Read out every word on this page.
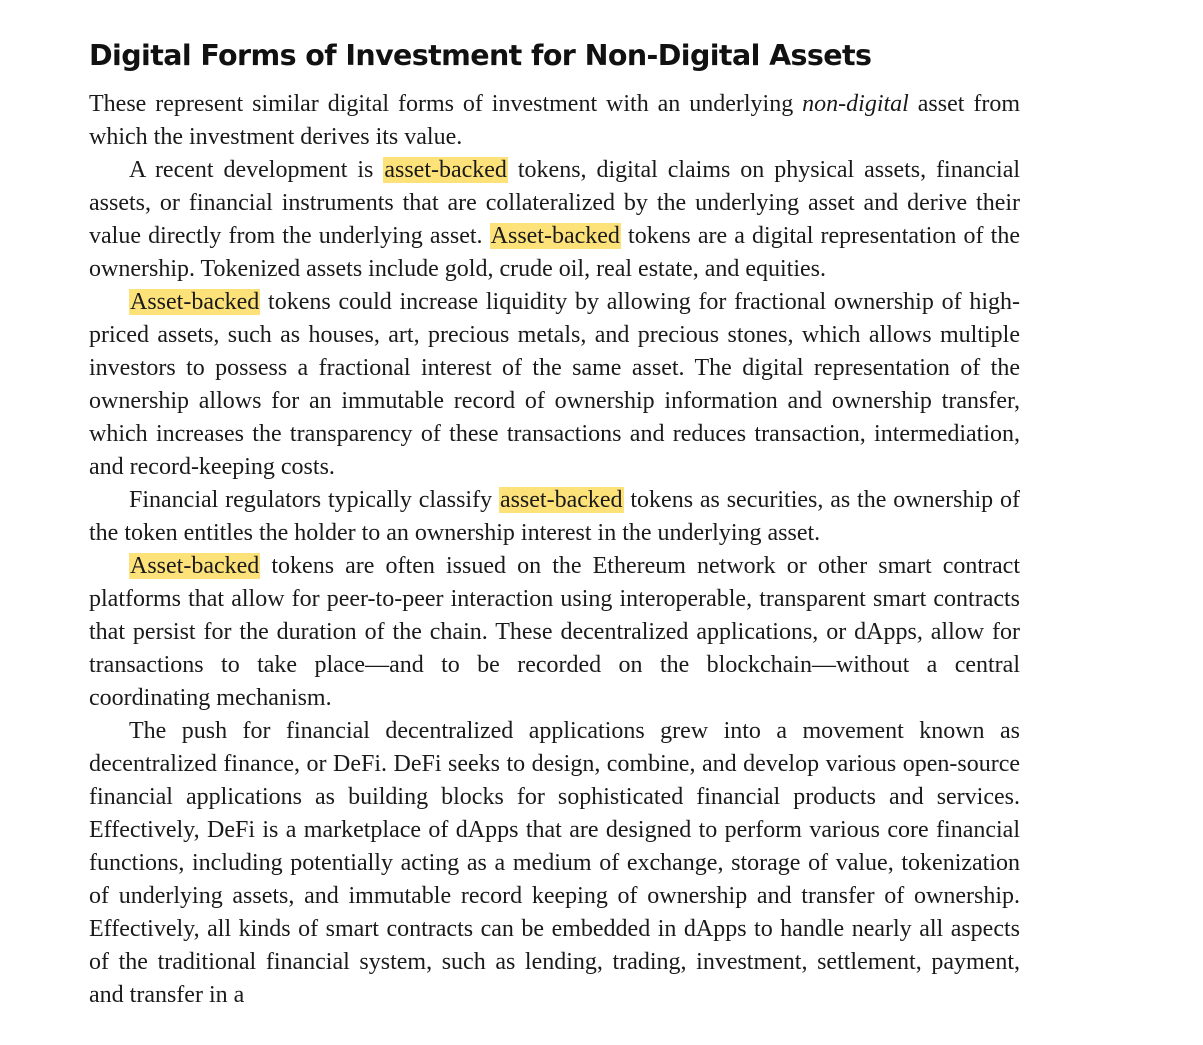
Digital Forms of Investment for Non-Digital Assets

These represent similar digital forms of investment with an underlying non-digital asset from which the investment derives its value.

A recent development is asset-backed tokens, digital claims on physical assets, financial assets, or financial instruments that are collateralized by the underlying asset and derive their value directly from the underlying asset. Asset-backed tokens are a digital representation of the ownership. Tokenized assets include gold, crude oil, real estate, and equities.

Asset-backed tokens could increase liquidity by allowing for fractional ownership of high-priced assets, such as houses, art, precious metals, and precious stones, which allows multiple investors to possess a fractional interest of the same asset. The digital representation of the ownership allows for an immutable record of ownership information and ownership transfer, which increases the transparency of these transactions and reduces transaction, intermediation, and record-keeping costs.

Financial regulators typically classify asset-backed tokens as securities, as the ownership of the token entitles the holder to an ownership interest in the underlying asset.

Asset-backed tokens are often issued on the Ethereum network or other smart contract platforms that allow for peer-to-peer interaction using interoperable, transparent smart contracts that persist for the duration of the chain. These decentralized applications, or dApps, allow for transactions to take place—and to be recorded on the blockchain—without a central coordinating mechanism.

The push for financial decentralized applications grew into a movement known as decentralized finance, or DeFi. DeFi seeks to design, combine, and develop various open-source financial applications as building blocks for sophisticated financial products and services. Effectively, DeFi is a marketplace of dApps that are designed to perform various core financial functions, including potentially acting as a medium of exchange, storage of value, tokenization of underlying assets, and immutable record keeping of ownership and transfer of ownership. Effectively, all kinds of smart contracts can be embedded in dApps to handle nearly all aspects of the traditional financial system, such as lending, trading, investment, settlement, payment, and transfer in a
